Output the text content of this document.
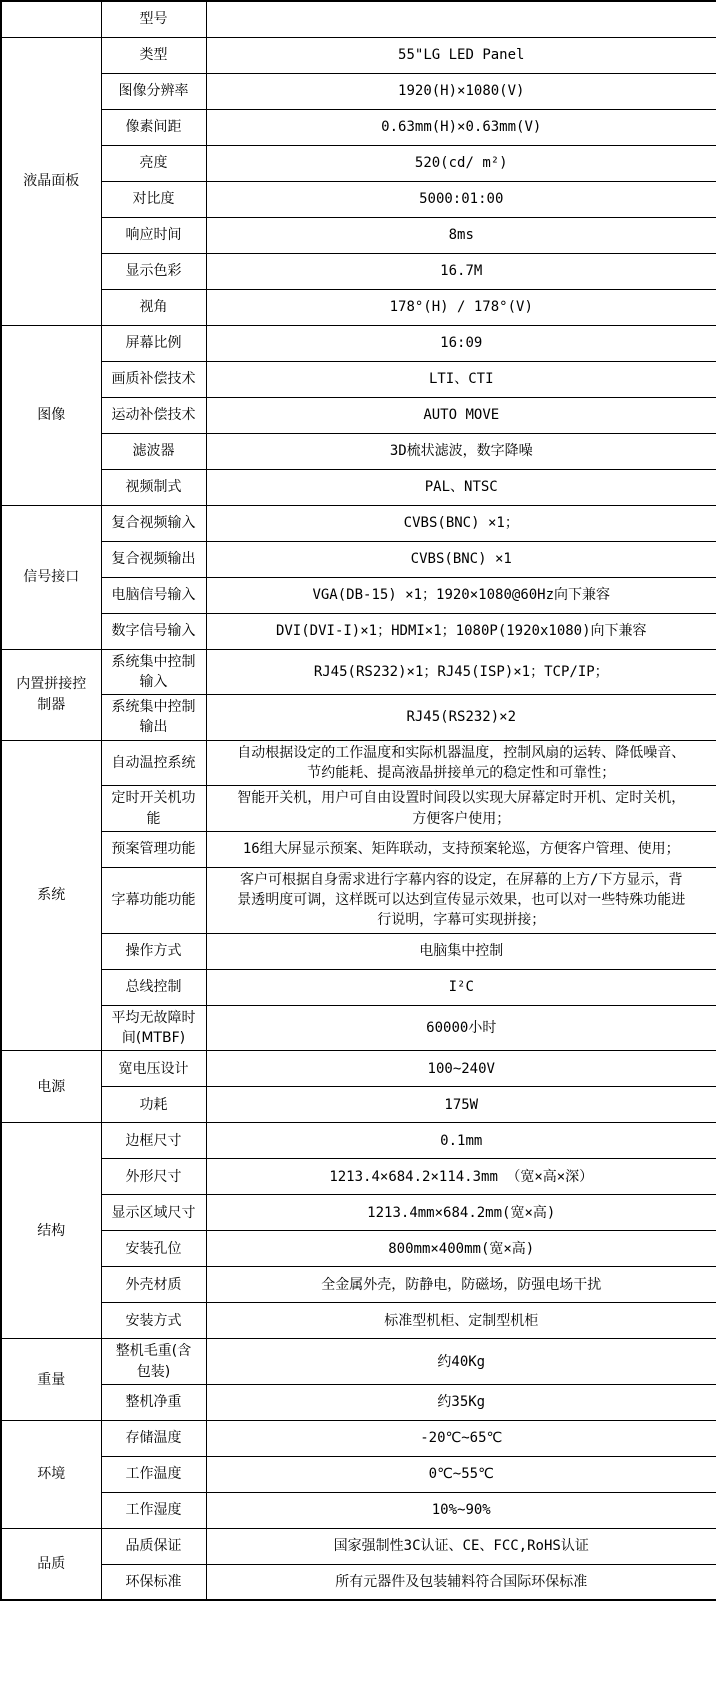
	型号	
液晶面板	类型	55"LG LED Panel
	图像分辨率	1920(H)×1080(V)
	像素间距	0.63mm(H)×0.63mm(V)
	亮度	520(cd/ m²)
	对比度	5000:01:00
	响应时间	8ms
	显示色彩	16.7M
	视角	178°(H) / 178°(V)
图像	屏幕比例	16:09
	画质补偿技术	LTI、CTI
	运动补偿技术	AUTO MOVE
	滤波器	3D梳状滤波，数字降噪
	视频制式	PAL、NTSC
信号接口	复合视频输入	CVBS(BNC) ×1；
	复合视频输出	CVBS(BNC) ×1
	电脑信号输入	VGA(DB-15) ×1；1920×1080@60Hz向下兼容
	数字信号输入	DVI(DVI-I)×1；HDMI×1；1080P(1920x1080)向下兼容
内置拼接控制器	系统集中控制输入	RJ45(RS232)×1；RJ45(ISP)×1；TCP/IP；
	系统集中控制输出	RJ45(RS232)×2
系统	自动温控系统	自动根据设定的工作温度和实际机器温度，控制风扇的运转、降低噪音、节约能耗、提高液晶拼接单元的稳定性和可靠性；
	定时开关机功能	智能开关机，用户可自由设置时间段以实现大屏幕定时开机、定时关机，方便客户使用；
	预案管理功能	16组大屏显示预案、矩阵联动，支持预案轮巡，方便客户管理、使用；
	字幕功能功能	客户可根据自身需求进行字幕内容的设定，在屏幕的上方/下方显示，背景透明度可调，这样既可以达到宣传显示效果，也可以对一些特殊功能进行说明，字幕可实现拼接；
	操作方式	电脑集中控制
	总线控制	I²C
	平均无故障时间(MTBF)	60000小时
电源	宽电压设计	100~240V
	功耗	175W
结构	边框尺寸	0.1mm
	外形尺寸	1213.4×684.2×114.3mm （宽×高×深）
	显示区域尺寸	1213.4mm×684.2mm(宽×高)
	安装孔位	800mm×400mm(宽×高)
	外壳材质	全金属外壳，防静电，防磁场，防强电场干扰
	安装方式	标准型机柜、定制型机柜
重量	整机毛重(含包装)	约40Kg
	整机净重	约35Kg
环境	存储温度	-20℃~65℃
	工作温度	0℃~55℃
	工作湿度	10%~90%
品质	品质保证	国家强制性3C认证、CE、FCC,RoHS认证
	环保标准	所有元器件及包装辅料符合国际环保标准
